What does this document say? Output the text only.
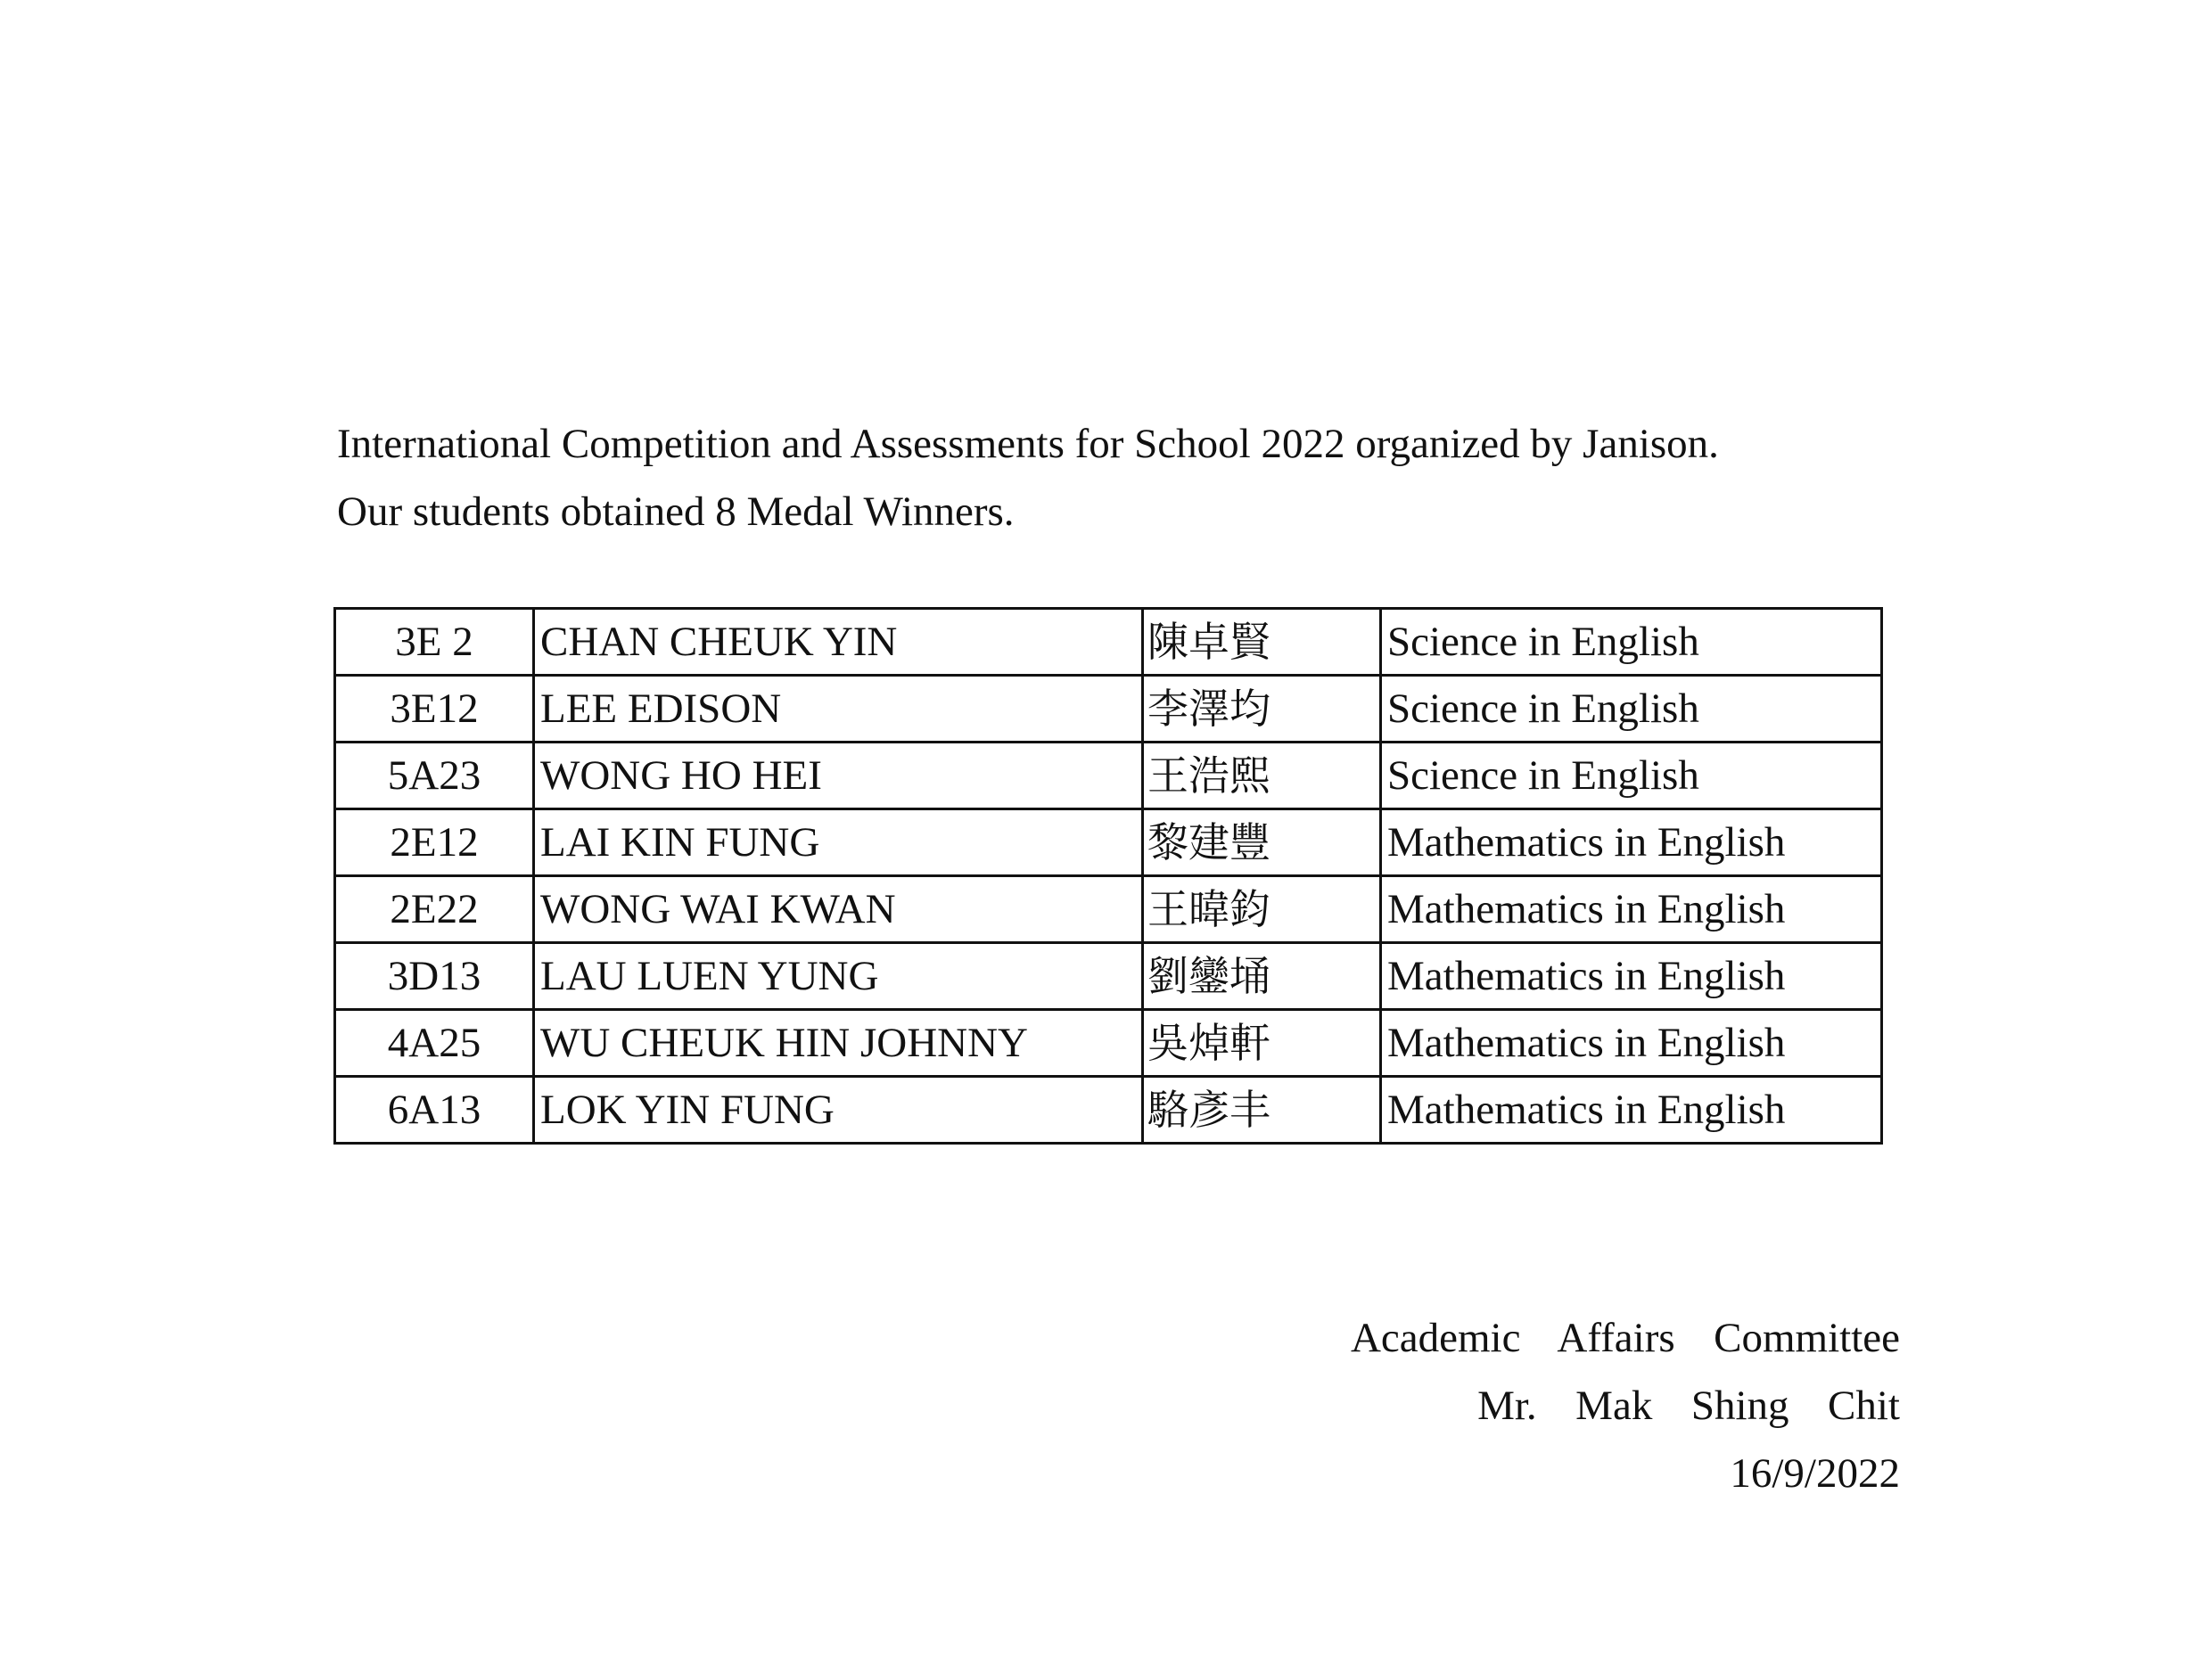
International Competition and Assessments for School 2022 organized by Janison.
Our students obtained 8 Medal Winners.
3E 2	CHAN CHEUK YIN	陳卓賢	Science in English
3E12	LEE EDISON	李澤均	Science in English
5A23	WONG HO HEI	王浩熙	Science in English
2E12	LAI KIN FUNG	黎建豐	Mathematics in English
2E22	WONG WAI KWAN	王暐鈞	Mathematics in English
3D13	LAU LUEN YUNG	劉鑾埇	Mathematics in English
4A25	WU CHEUK HIN JOHNNY	吳焯軒	Mathematics in English
6A13	LOK YIN FUNG	駱彥丰	Mathematics in English
Academic  Affairs  Committee
Mr.  Mak  Shing  Chit
16/9/2022
